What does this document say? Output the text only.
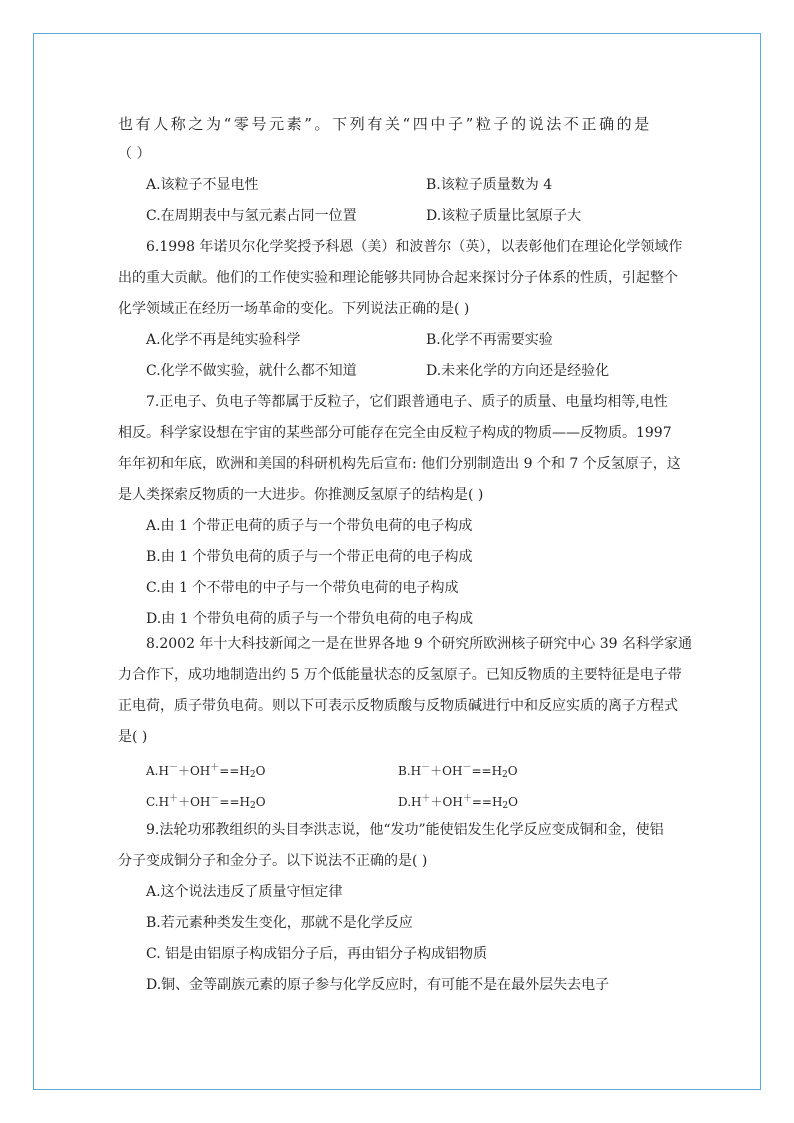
也有人称之为“零号元素”。下列有关“四中子”粒子的说法不正确的是
（ ）
A.该粒子不显电性	B.该粒子质量数为 4
C.在周期表中与氢元素占同一位置	D.该粒子质量比氢原子大
6.1998 年诺贝尔化学奖授予科恩（美）和波普尔（英），以表彰他们在理论化学领域作
出的重大贡献。他们的工作使实验和理论能够共同协合起来探讨分子体系的性质，引起整个
化学领域正在经历一场革命的变化。下列说法正确的是( )
A.化学不再是纯实验科学	B.化学不再需要实验
C.化学不做实验，就什么都不知道	D.未来化学的方向还是经验化
7.正电子、负电子等都属于反粒子，它们跟普通电子、质子的质量、电量均相等,电性
相反。科学家设想在宇宙的某些部分可能存在完全由反粒子构成的物质——反物质。1997
年年初和年底，欧洲和美国的科研机构先后宣布: 他们分别制造出 9 个和 7 个反氢原子，这
是人类探索反物质的一大进步。你推测反氢原子的结构是( )
A.由 1 个带正电荷的质子与一个带负电荷的电子构成
B.由 1 个带负电荷的质子与一个带正电荷的电子构成
C.由 1 个不带电的中子与一个带负电荷的电子构成
D.由 1 个带负电荷的质子与一个带负电荷的电子构成
8.2002 年十大科技新闻之一是在世界各地 9 个研究所欧洲核子研究中心 39 名科学家通
力合作下，成功地制造出约 5 万个低能量状态的反氢原子。已知反物质的主要特征是电子带
正电荷，质子带负电荷。则以下可表示反物质酸与反物质碱进行中和反应实质的离子方程式
是( )
$A.H^-+OH^+==H_2O$	$B.H^-+OH^-==H_2O$
$C.H^++OH^-==H_2O$	$D.H^++OH^+==H_2O$
9.法轮功邪教组织的头目李洪志说，他“发功”能使铝发生化学反应变成铜和金，使铝
分子变成铜分子和金分子。以下说法不正确的是( )
A.这个说法违反了质量守恒定律
B.若元素种类发生变化，那就不是化学反应
C. 铝是由铝原子构成铝分子后，再由铝分子构成铝物质
D.铜、金等副族元素的原子参与化学反应时，有可能不是在最外层失去电子
